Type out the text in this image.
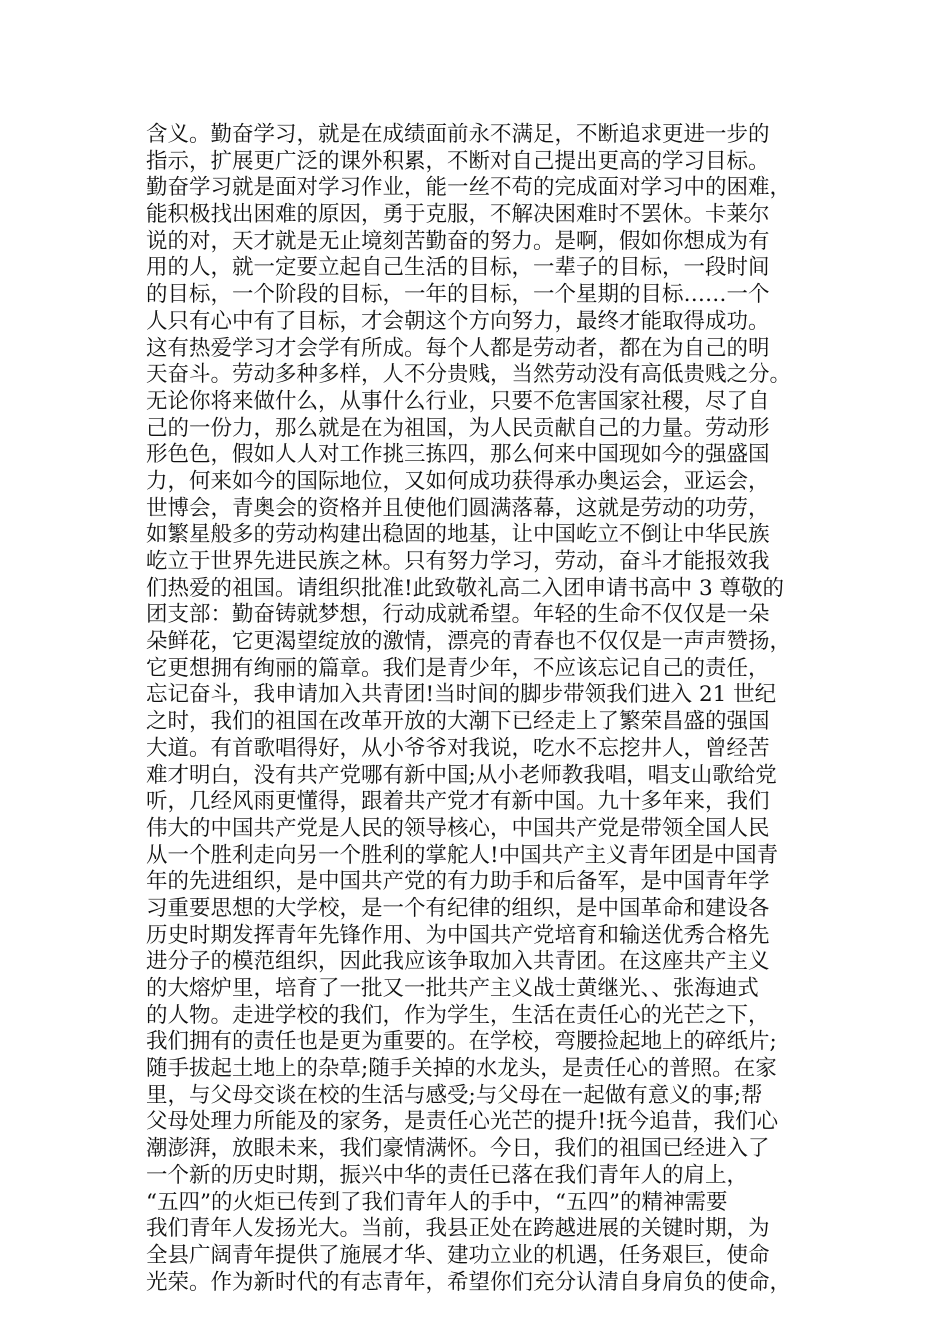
含义。勤奋学习，就是在成绩面前永不满足，不断追求更进一步的
指示，扩展更广泛的课外积累，不断对自己提出更高的学习目标。
勤奋学习就是面对学习作业，能一丝不苟的完成面对学习中的困难，
能积极找出困难的原因，勇于克服，不解决困难时不罢休。卡莱尔
说的对，天才就是无止境刻苦勤奋的努力。是啊，假如你想成为有
用的人，就一定要立起自己生活的目标，一辈子的目标，一段时间
的目标，一个阶段的目标，一年的目标，一个星期的目标……一个
人只有心中有了目标，才会朝这个方向努力，最终才能取得成功。
这有热爱学习才会学有所成。每个人都是劳动者，都在为自己的明
天奋斗。劳动多种多样，人不分贵贱，当然劳动没有高低贵贱之分。
无论你将来做什么，从事什么行业，只要不危害国家社稷，尽了自
己的一份力，那么就是在为祖国，为人民贡献自己的力量。劳动形
形色色，假如人人对工作挑三拣四，那么何来中国现如今的强盛国
力，何来如今的国际地位，又如何成功获得承办奥运会，亚运会，
世博会，青奥会的资格并且使他们圆满落幕，这就是劳动的功劳，
如繁星般多的劳动构建出稳固的地基，让中国屹立不倒让中华民族
屹立于世界先进民族之林。只有努力学习，劳动，奋斗才能报效我
们热爱的祖国。请组织批准!此致敬礼高二入团申请书高中 3 尊敬的
团支部：勤奋铸就梦想，行动成就希望。年轻的生命不仅仅是一朵
朵鲜花，它更渴望绽放的激情，漂亮的青春也不仅仅是一声声赞扬，
它更想拥有绚丽的篇章。我们是青少年，不应该忘记自己的责任，
忘记奋斗，我申请加入共青团!当时间的脚步带领我们进入 21 世纪
之时，我们的祖国在改革开放的大潮下已经走上了繁荣昌盛的强国
大道。有首歌唱得好，从小爷爷对我说，吃水不忘挖井人，曾经苦
难才明白，没有共产党哪有新中国;从小老师教我唱，唱支山歌给党
听，几经风雨更懂得，跟着共产党才有新中国。九十多年来，我们
伟大的中国共产党是人民的领导核心，中国共产党是带领全国人民
从一个胜利走向另一个胜利的掌舵人!中国共产主义青年团是中国青
年的先进组织，是中国共产党的有力助手和后备军，是中国青年学
习重要思想的大学校，是一个有纪律的组织，是中国革命和建设各
历史时期发挥青年先锋作用、为中国共产党培育和输送优秀合格先
进分子的模范组织，因此我应该争取加入共青团。在这座共产主义
的大熔炉里，培育了一批又一批共产主义战士黄继光、、张海迪式
的人物。走进学校的我们，作为学生，生活在责任心的光芒之下，
我们拥有的责任也是更为重要的。在学校，弯腰捡起地上的碎纸片;
随手拔起土地上的杂草;随手关掉的水龙头，是责任心的普照。在家
里，与父母交谈在校的生活与感受;与父母在一起做有意义的事;帮
父母处理力所能及的家务，是责任心光芒的提升!抚今追昔，我们心
潮澎湃，放眼未来，我们豪情满怀。今日，我们的祖国已经进入了
一个新的历史时期，振兴中华的责任已落在我们青年人的肩上，
“五四”的火炬已传到了我们青年人的手中，“五四”的精神需要
我们青年人发扬光大。当前，我县正处在跨越进展的关键时期，为
全县广阔青年提供了施展才华、建功立业的机遇，任务艰巨，使命
光荣。作为新时代的有志青年，希望你们充分认清自身肩负的使命，
